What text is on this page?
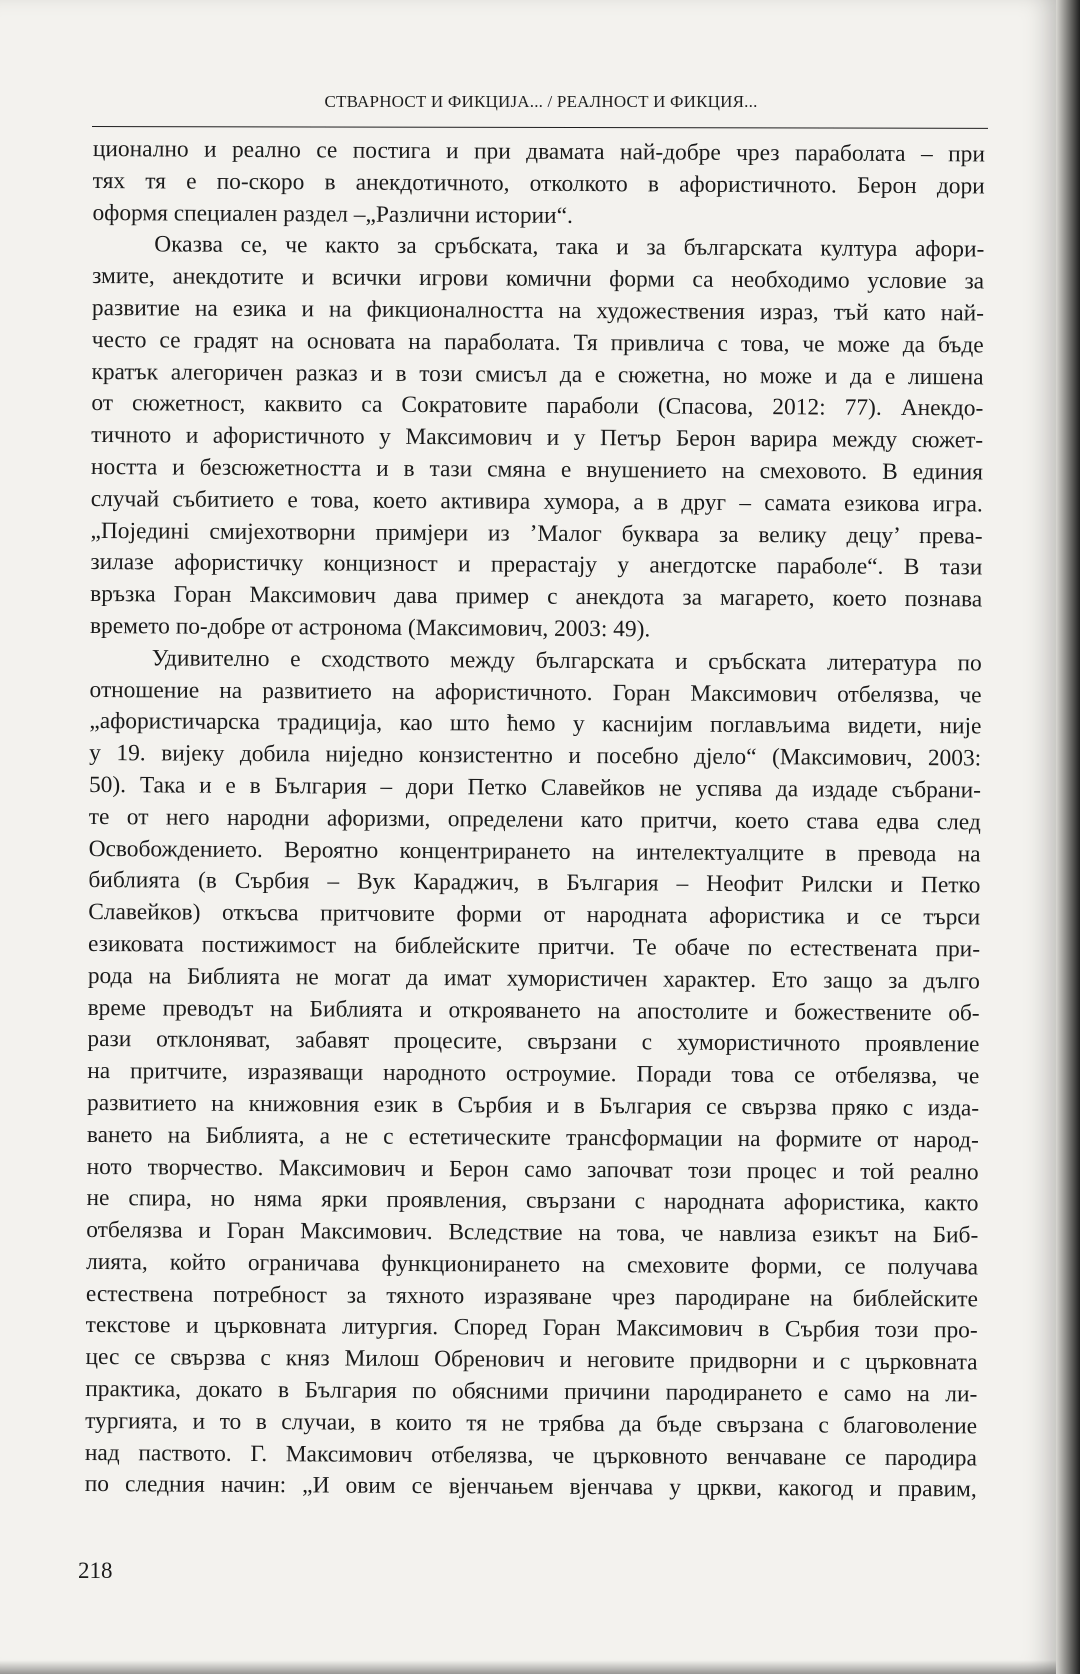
СТВАРНОСТ И ФИКЦИЈА... / РЕАЛНОСТ И ФИКЦИЯ...
ционално и реално се постига и при двамата най-добре чрез параболата – при
тях тя е по-скоро в анекдотичното, отколкото в афористичното. Берон дори
оформя специален раздел –„Различни истории“.
Оказва се, че както за сръбската, така и за българската култура афори-
змите, анекдотите и всички игрови комични форми са необходимо условие за
развитие на езика и на фикционалността на художествения израз, тъй като най-
често се градят на основата на параболата. Тя привлича с това, че може да бъде
кратък алегоричен разказ и в този смисъл да е сюжетна, но може и да е лишена
от сюжетност, каквито са Сократовите параболи (Спасова, 2012: 77). Анекдо-
тичното и афористичното у Максимович и у Петър Берон варира между сюжет-
ността и безсюжетността и в тази смяна е внушението на смеховото. В единия
случай събитието е това, което активира хумора, а в друг – самата езикова игра.
„Појединi смијехотворни примјери из ’Малог буквара за велику децу’ прева-
зилазе афористичку концизност и прерастају у анегдотске параболе“. В тази
връзка Горан Максимович дава пример с анекдота за магарето, което познава
времето по-добре от астронома (Максимович, 2003: 49).
Удивително е сходството между българската и сръбската литература по
отношение на развитието на афористичното. Горан Максимович отбелязва, че
„афористичарска традиција, као што ћемо у каснијим поглављима видети, није
у 19. вијеку добила ниједно конзистентно и посебно дјело“ (Максимович, 2003:
50). Така и е в България – дори Петко Славейков не успява да издаде събрани-
те от него народни афоризми, определени като притчи, което става едва след
Освобождението. Вероятно концентрирането на интелектуалците в превода на
библията (в Сърбия – Вук Караджич, в България – Неофит Рилски и Петко
Славейков) откъсва притчовите форми от народната афористика и се търси
езиковата постижимост на библейските притчи. Те обаче по естествената при-
рода на Библията не могат да имат хумористичен характер. Ето защо за дълго
време преводът на Библията и открояването на апостолите и божествените об-
рази отклоняват, забавят процесите, свързани с хумористичното проявление
на притчите, изразяващи народното остроумие. Поради това се отбелязва, че
развитието на книжовния език в Сърбия и в България се свързва пряко с изда-
ването на Библията, а не с естетическите трансформации на формите от народ-
ното творчество. Максимович и Берон само започват този процес и той реално
не спира, но няма ярки проявления, свързани с народната афористика, както
отбелязва и Горан Максимович. Вследствие на това, че навлиза езикът на Биб-
лията, който ограничава функционирането на смеховите форми, се получава
естествена потребност за тяхното изразяване чрез пародиране на библейските
текстове и църковната литургия. Според Горан Максимович в Сърбия този про-
цес се свързва с княз Милош Обренович и неговите придворни и с църковната
практика, докато в България по обясними причини пародирането е само на ли-
тургията, и то в случаи, в които тя не трябва да бъде свързана с благоволение
над паството. Г. Максимович отбелязва, че църковното венчаване се пародира
по следния начин: „И овим се вјенчањем вјенчава у цркви, какогод и правим,
218
